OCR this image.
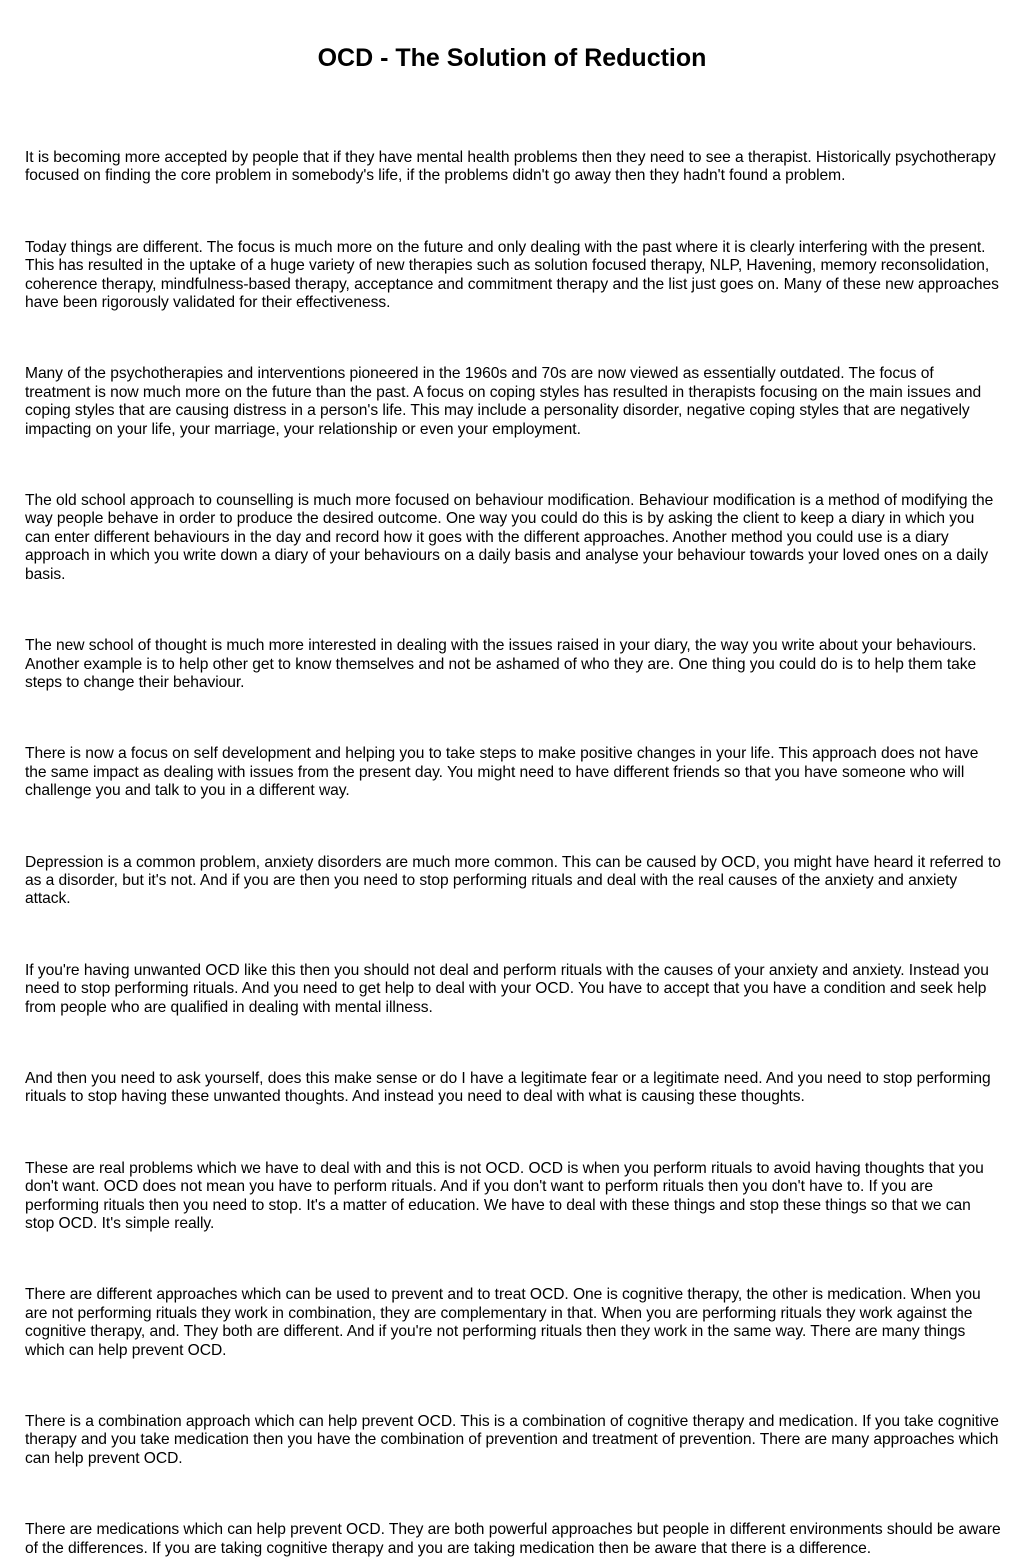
OCD - The Solution of Reduction

It is becoming more accepted by people that if they have mental health problems then they need to see a therapist. Historically psychotherapy focused on finding the core problem in somebody's life, if the problems didn't go away then they hadn't found a problem.

Today things are different. The focus is much more on the future and only dealing with the past where it is clearly interfering with the present. This has resulted in the uptake of a huge variety of new therapies such as solution focused therapy, NLP, Havening, memory reconsolidation, coherence therapy, mindfulness-based therapy, acceptance and commitment therapy and the list just goes on. Many of these new approaches have been rigorously validated for their effectiveness.

Many of the psychotherapies and interventions pioneered in the 1960s and 70s are now viewed as essentially outdated. The focus of treatment is now much more on the future than the past. A focus on coping styles has resulted in therapists focusing on the main issues and coping styles that are causing distress in a person's life. This may include a personality disorder, negative coping styles that are negatively impacting on your life, your marriage, your relationship or even your employment.

The old school approach to counselling is much more focused on behaviour modification. Behaviour modification is a method of modifying the way people behave in order to produce the desired outcome. One way you could do this is by asking the client to keep a diary in which you can enter different behaviours in the day and record how it goes with the different approaches. Another method you could use is a diary approach in which you write down a diary of your behaviours on a daily basis and analyse your behaviour towards your loved ones on a daily basis.

The new school of thought is much more interested in dealing with the issues raised in your diary, the way you write about your behaviours. Another example is to help other get to know themselves and not be ashamed of who they are. One thing you could do is to help them take steps to change their behaviour.

There is now a focus on self development and helping you to take steps to make positive changes in your life. This approach does not have the same impact as dealing with issues from the present day. You might need to have different friends so that you have someone who will challenge you and talk to you in a different way.

Depression is a common problem, anxiety disorders are much more common. This can be caused by OCD, you might have heard it referred to as a disorder, but it's not. And if you are then you need to stop performing rituals and deal with the real causes of the anxiety and anxiety attack.

If you're having unwanted OCD like this then you should not deal and perform rituals with the causes of your anxiety and anxiety. Instead you need to stop performing rituals. And you need to get help to deal with your OCD. You have to accept that you have a condition and seek help from people who are qualified in dealing with mental illness.

And then you need to ask yourself, does this make sense or do I have a legitimate fear or a legitimate need. And you need to stop performing rituals to stop having these unwanted thoughts. And instead you need to deal with what is causing these thoughts.

These are real problems which we have to deal with and this is not OCD. OCD is when you perform rituals to avoid having thoughts that you don't want. OCD does not mean you have to perform rituals. And if you don't want to perform rituals then you don't have to. If you are performing rituals then you need to stop. It's a matter of education. We have to deal with these things and stop these things so that we can stop OCD. It's simple really.

There are different approaches which can be used to prevent and to treat OCD. One is cognitive therapy, the other is medication. When you are not performing rituals they work in combination, they are complementary in that. When you are performing rituals they work against the cognitive therapy, and. They both are different. And if you're not performing rituals then they work in the same way. There are many things which can help prevent OCD.

There is a combination approach which can help prevent OCD. This is a combination of cognitive therapy and medication. If you take cognitive therapy and you take medication then you have the combination of prevention and treatment of prevention. There are many approaches which can help prevent OCD.

There are medications which can help prevent OCD. They are both powerful approaches but people in different environments should be aware of the differences. If you are taking cognitive therapy and you are taking medication then be aware that there is a difference.
